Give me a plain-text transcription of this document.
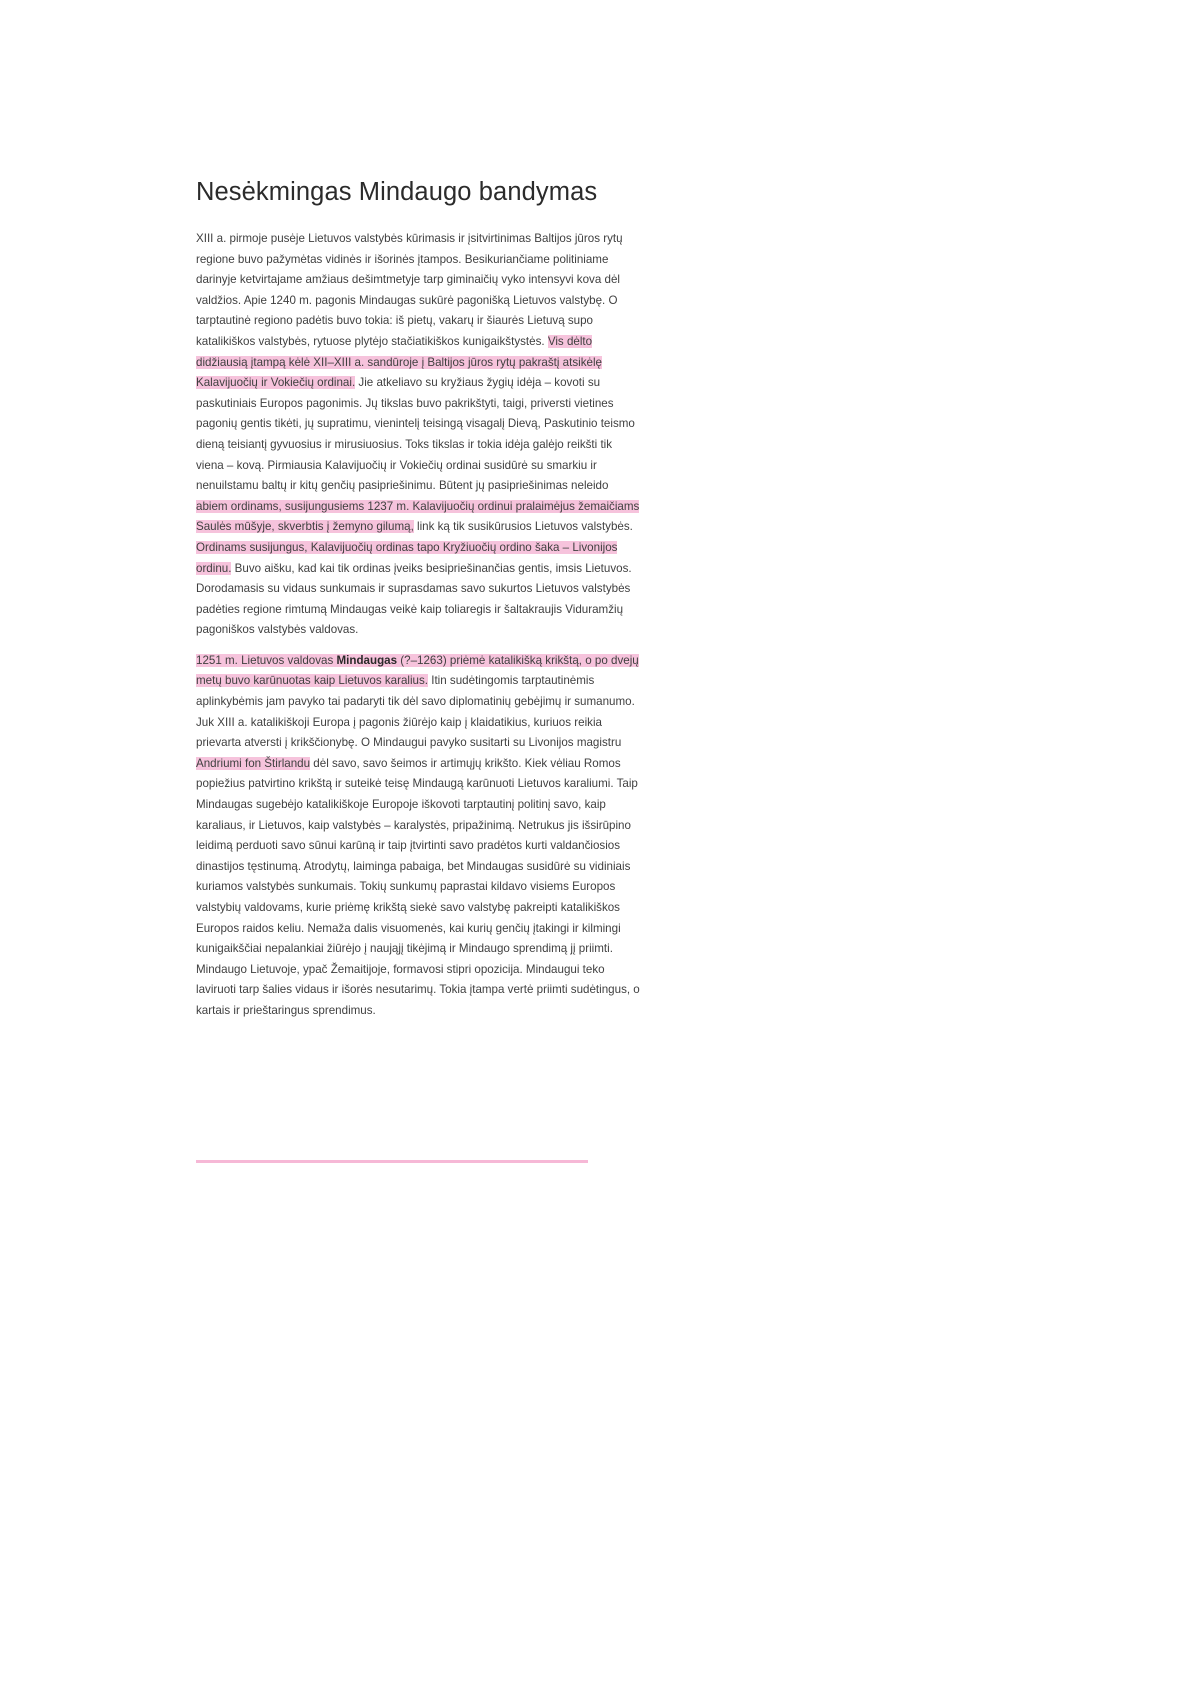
Nesėkmingas Mindaugo bandymas

XIII a. pirmoje pusėje Lietuvos valstybės kūrimasis ir įsitvirtinimas Baltijos jūros rytų regione buvo pažymėtas vidinės ir išorinės įtampos. Besikuriančiame politiniame darinyje ketvirtajame amžiaus dešimtmetyje tarp giminaičių vyko intensyvi kova dėl valdžios. Apie 1240 m. pagonis Mindaugas sukūrė pagonišką Lietuvos valstybę. O tarptautinė regiono padėtis buvo tokia: iš pietų, vakarų ir šiaurės Lietuvą supo katalikiškos valstybės, rytuose plytėjo stačiatikiškos kunigaikštystės. Vis dėlto didžiausią įtampą kėlė XII–XIII a. sandūroje į Baltijos jūros rytų pakraštį atsikėlę Kalavijuočių ir Vokiečių ordinai. Jie atkeliavo su kryžiaus žygių idėja – kovoti su paskutiniais Europos pagonimis. Jų tikslas buvo pakrikštyti, taigi, priversti vietines pagonių gentis tikėti, jų supratimu, vienintelį teisingą visagalį Dievą, Paskutinio teismo dieną teisiantį gyvuosius ir mirusiuosius. Toks tikslas ir tokia idėja galėjo reikšti tik viena – kovą. Pirmiausia Kalavijuočių ir Vokiečių ordinai susidūrė su smarkiu ir nenuilstamu baltų ir kitų genčių pasipriešinimu. Būtent jų pasipriešinimas neleido abiem ordinams, susijungusiems 1237 m. Kalavijuočių ordinui pralaimėjus žemaičiams Saulės mūšyje, skverbtis į žemyno gilumą, link ką tik susikūrusios Lietuvos valstybės. Ordinams susijungus, Kalavijuočių ordinas tapo Kryžiuočių ordino šaka – Livonijos ordinu. Buvo aišku, kad kai tik ordinas įveiks besipriešinančias gentis, imsis Lietuvos. Dorodamasis su vidaus sunkumais ir suprasdamas savo sukurtos Lietuvos valstybės padėties regione rimtumą Mindaugas veikė kaip toliaregis ir šaltakraujis Viduramžių pagoniškos valstybės valdovas.

1251 m. Lietuvos valdovas Mindaugas (?–1263) priėmė katalikišką krikštą, o po dvejų metų buvo karūnuotas kaip Lietuvos karalius. Itin sudėtingomis tarptautinėmis aplinkybėmis jam pavyko tai padaryti tik dėl savo diplomatinių gebėjimų ir sumanumo. Juk XIII a. katalikiškoji Europa į pagonis žiūrėjo kaip į klaidatikius, kuriuos reikia prievarta atversti į krikščionybę. O Mindaugui pavyko susitarti su Livonijos magistru Andriumi fon Štirlandu dėl savo, savo šeimos ir artimųjų krikšto. Kiek vėliau Romos popiežius patvirtino krikštą ir suteikė teisę Mindaugą karūnuoti Lietuvos karaliumi. Taip Mindaugas sugebėjo katalikiškoje Europoje iškovoti tarptautinį politinį savo, kaip karaliaus, ir Lietuvos, kaip valstybės – karalystės, pripažinimą. Netrukus jis išsirūpino leidimą perduoti savo sūnui karūną ir taip įtvirtinti savo pradėtos kurti valdančiosios dinastijos tęstinumą. Atrodytų, laiminga pabaiga, bet Mindaugas susidūrė su vidiniais kuriamos valstybės sunkumais. Tokių sunkumų paprastai kildavo visiems Europos valstybių valdovams, kurie priėmę krikštą siekė savo valstybę pakreipti katalikiškos Europos raidos keliu. Nemaža dalis visuomenės, kai kurių genčių įtakingi ir kilmingi kunigaikščiai nepalankiai žiūrėjo į naująjį tikėjimą ir Mindaugo sprendimą jį priimti. Mindaugo Lietuvoje, ypač Žemaitijoje, formavosi stipri opozicija. Mindaugui teko laviruoti tarp šalies vidaus ir išorės nesutarimų. Tokia įtampa vertė priimti sudėtingus, o kartais ir prieštaringus sprendimus.
